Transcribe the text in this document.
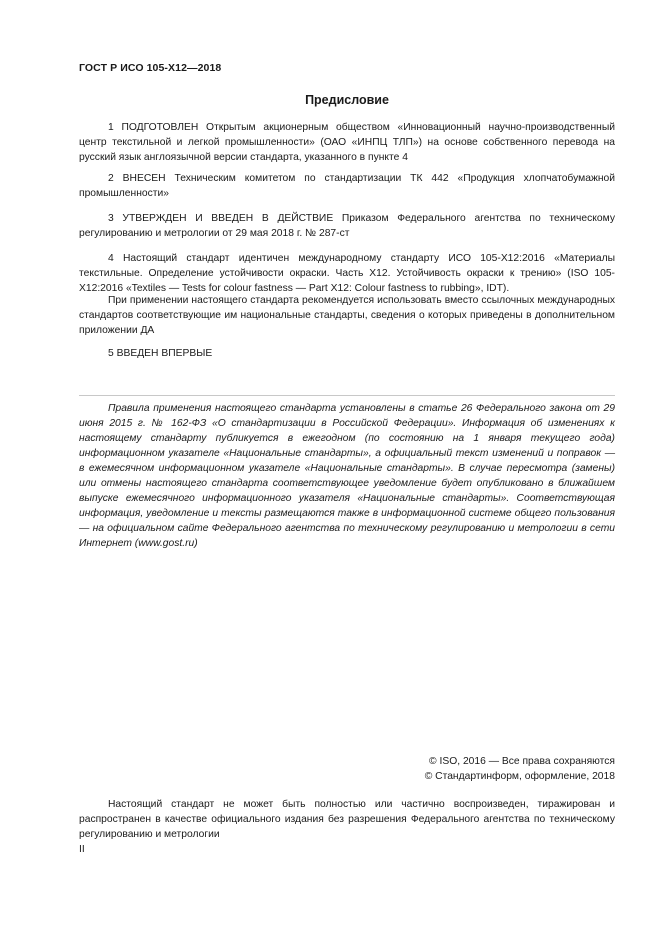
ГОСТ Р ИСО 105-Х12—2018
Предисловие

1 ПОДГОТОВЛЕН Открытым акционерным обществом «Инновационный научно-производственный центр текстильной и легкой промышленности» (ОАО «ИНПЦ ТЛП») на основе собственного перевода на русский язык англоязычной версии стандарта, указанного в пункте 4

2 ВНЕСЕН Техническим комитетом по стандартизации ТК 442 «Продукция хлопчатобумажной промышленности»

3 УТВЕРЖДЕН И ВВЕДЕН В ДЕЙСТВИЕ Приказом Федерального агентства по техническому регулированию и метрологии от 29 мая 2018 г. № 287-ст

4 Настоящий стандарт идентичен международному стандарту ИСО 105-Х12:2016 «Материалы текстильные. Определение устойчивости окраски. Часть Х12. Устойчивость окраски к трению» (ISO 105-X12:2016 «Textiles — Tests for colour fastness — Part X12: Colour fastness to rubbing», IDT).

При применении настоящего стандарта рекомендуется использовать вместо ссылочных международных стандартов соответствующие им национальные стандарты, сведения о которых приведены в дополнительном приложении ДА

5 ВВЕДЕН ВПЕРВЫЕ

Правила применения настоящего стандарта установлены в статье 26 Федерального закона от 29 июня 2015 г. № 162-ФЗ «О стандартизации в Российской Федерации». Информация об изменениях к настоящему стандарту публикуется в ежегодном (по состоянию на 1 января текущего года) информационном указателе «Национальные стандарты», а официальный текст изменений и поправок — в ежемесячном информационном указателе «Национальные стандарты». В случае пересмотра (замены) или отмены настоящего стандарта соответствующее уведомление будет опубликовано в ближайшем выпуске ежемесячного информационного указателя «Национальные стандарты». Соответствующая информация, уведомление и тексты размещаются также в информационной системе общего пользования — на официальном сайте Федерального агентства по техническому регулированию и метрологии в сети Интернет (www.gost.ru)

© ISO, 2016 — Все права сохраняются
© Стандартинформ, оформление, 2018

Настоящий стандарт не может быть полностью или частично воспроизведен, тиражирован и распространен в качестве официального издания без разрешения Федерального агентства по техническому регулированию и метрологии

II
